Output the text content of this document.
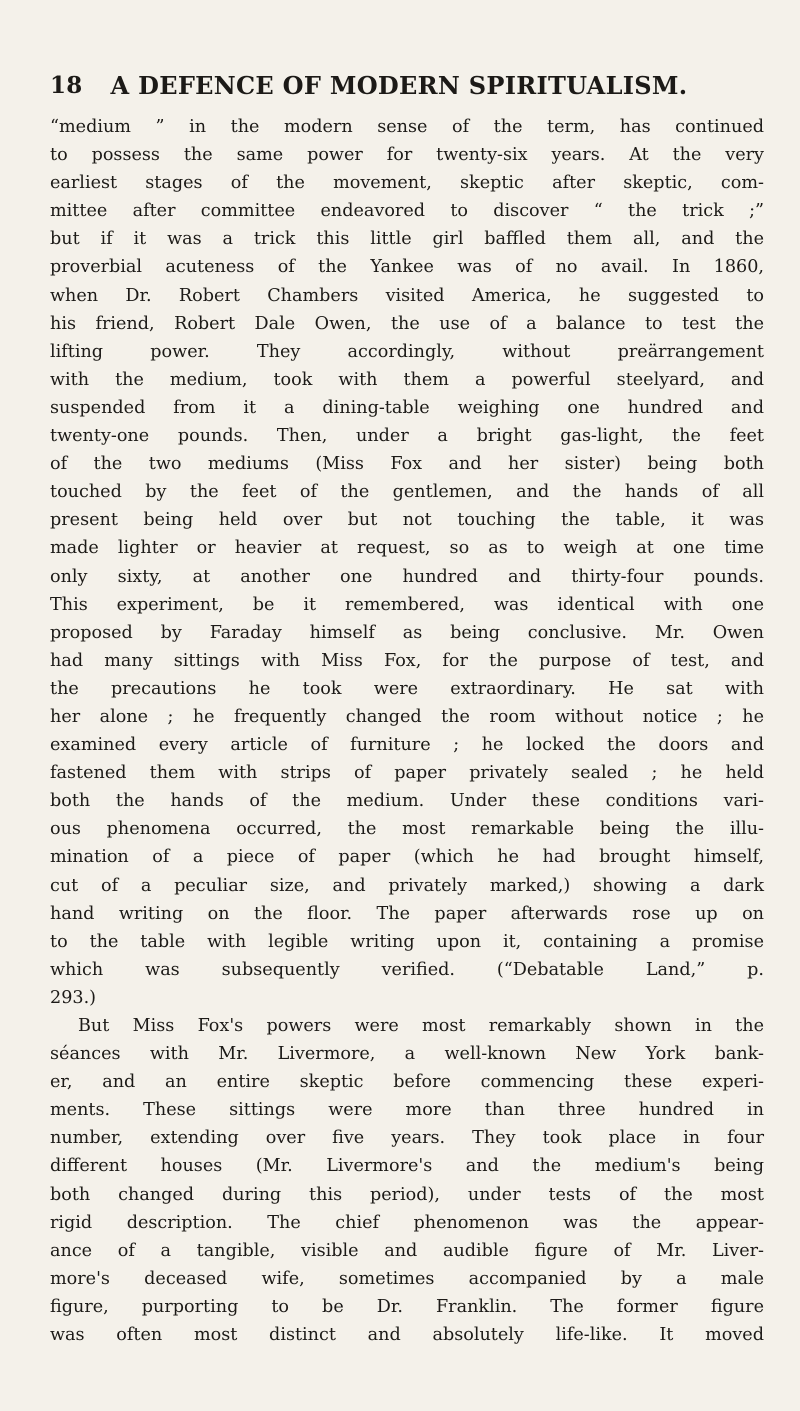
18	A DEFENCE OF MODERN SPIRITUALISM.

“medium ” in the modern sense of the term, has continued
to possess the same power for twenty-six years. At the very
earliest stages of the movement, skeptic after skeptic, com-
mittee after committee endeavored to discover “ the trick ;”
but if it was a trick this little girl baffled them all, and the
proverbial acuteness of the Yankee was of no avail. In 1860,
when Dr. Robert Chambers visited America, he suggested to
his friend, Robert Dale Owen, the use of a balance to test the
lifting power. They accordingly, without preärrangement
with the medium, took with them a powerful steelyard, and
suspended from it a dining-table weighing one hundred and
twenty-one pounds. Then, under a bright gas-light, the feet
of the two mediums (Miss Fox and her sister) being both
touched by the feet of the gentlemen, and the hands of all
present being held over but not touching the table, it was
made lighter or heavier at request, so as to weigh at one time
only sixty, at another one hundred and thirty-four pounds.
This experiment, be it remembered, was identical with one
proposed by Faraday himself as being conclusive. Mr. Owen
had many sittings with Miss Fox, for the purpose of test, and
the precautions he took were extraordinary. He sat with
her alone ; he frequently changed the room without notice ; he
examined every article of furniture ; he locked the doors and
fastened them with strips of paper privately sealed ; he held
both the hands of the medium. Under these conditions vari-
ous phenomena occurred, the most remarkable being the illu-
mination of a piece of paper (which he had brought himself,
cut of a peculiar size, and privately marked,) showing a dark
hand writing on the floor. The paper afterwards rose up on
to the table with legible writing upon it, containing a promise
which was subsequently verified. (“Debatable Land,” p.
293.)

But Miss Fox's powers were most remarkably shown in the
séances with Mr. Livermore, a well-known New York bank-
er, and an entire skeptic before commencing these experi-
ments. These sittings were more than three hundred in
number, extending over five years. They took place in four
different houses (Mr. Livermore's and the medium's being
both changed during this period), under tests of the most
rigid description. The chief phenomenon was the appear-
ance of a tangible, visible and audible figure of Mr. Liver-
more's deceased wife, sometimes accompanied by a male
figure, purporting to be Dr. Franklin. The former figure
was often most distinct and absolutely life-like. It moved
